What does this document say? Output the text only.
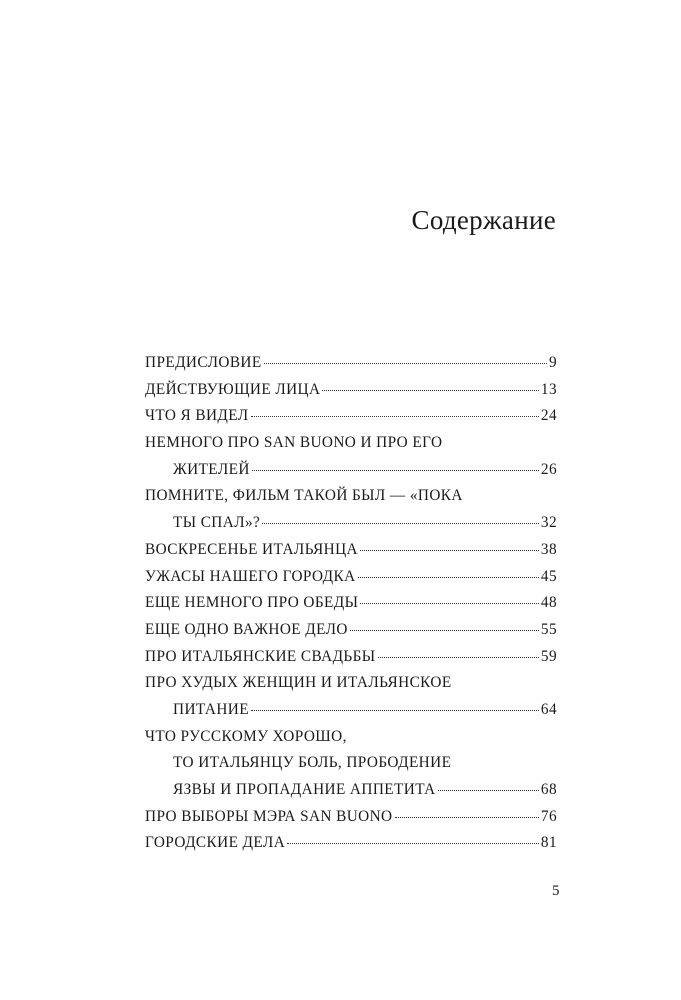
Содержание
ПРЕДИСЛОВИЕ	9
ДЕЙСТВУЮЩИЕ ЛИЦА	13
ЧТО Я ВИДЕЛ	24
НЕМНОГО ПРО SAN BUONO И ПРО ЕГО
ЖИТЕЛЕЙ	26
ПОМНИТЕ, ФИЛЬМ ТАКОЙ БЫЛ — «ПОКА
ТЫ СПАЛ»?	32
ВОСКРЕСЕНЬЕ ИТАЛЬЯНЦА	38
УЖАСЫ НАШЕГО ГОРОДКА	45
ЕЩЕ НЕМНОГО ПРО ОБЕДЫ	48
ЕЩЕ ОДНО ВАЖНОЕ ДЕЛО	55
ПРО ИТАЛЬЯНСКИЕ СВАДЬБЫ	59
ПРО ХУДЫХ ЖЕНЩИН И ИТАЛЬЯНСКОЕ
ПИТАНИЕ	64
ЧТО РУССКОМУ ХОРОШО,
ТО ИТАЛЬЯНЦУ БОЛЬ, ПРОБОДЕНИЕ
ЯЗВЫ И ПРОПАДАНИЕ АППЕТИТА	68
ПРО ВЫБОРЫ МЭРА SAN BUONO	76
ГОРОДСКИЕ ДЕЛА	81
5
